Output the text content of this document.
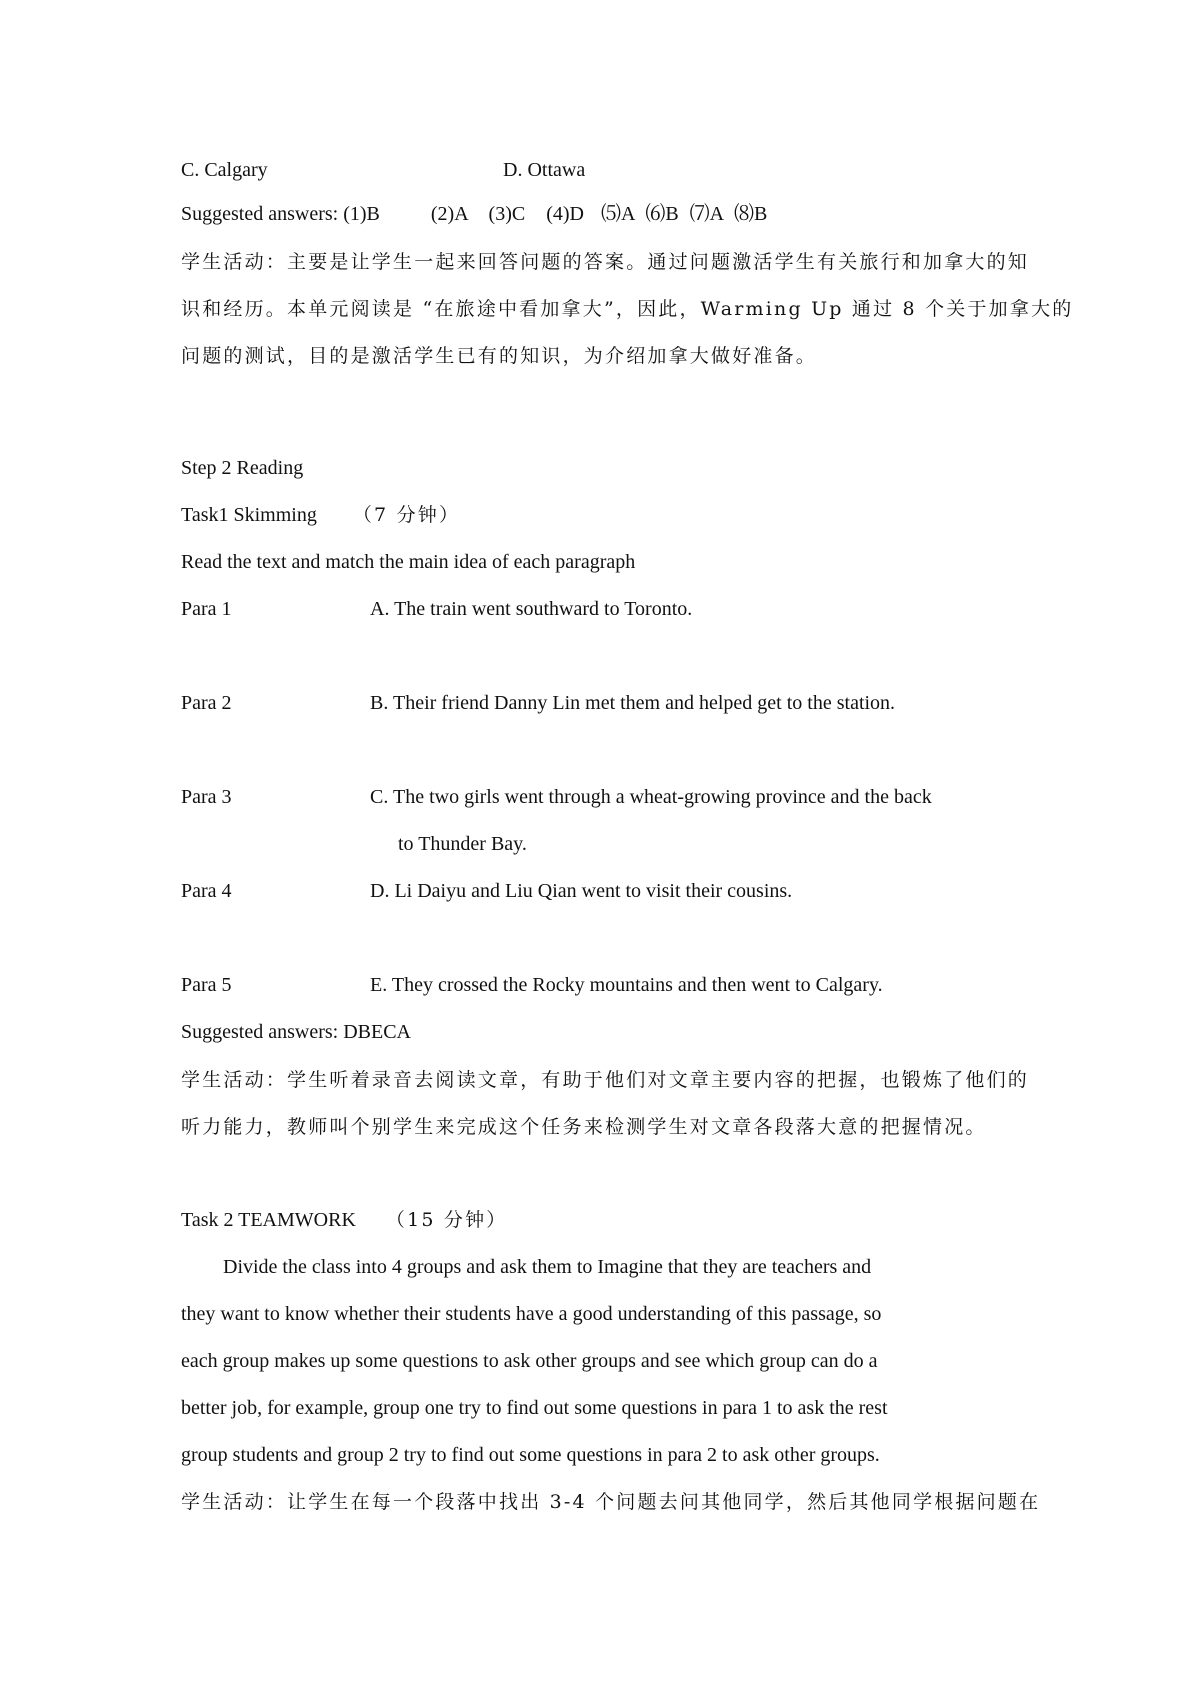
C. Calgary	D. Ottawa
Suggested answers: (1)B	(2)A (3)C (4)D ⑸A ⑹B ⑺A ⑻B
学生活动：主要是让学生一起来回答问题的答案。通过问题激活学生有关旅行和加拿大的知
识和经历。本单元阅读是 “在旅途中看加拿大”，因此，Warming Up 通过 8 个关于加拿大的
问题的测试，目的是激活学生已有的知识，为介绍加拿大做好准备。
Step 2 Reading
Task1 Skimming （7 分钟）
Read the text and match the main idea of each paragraph
Para 1	A. The train went southward to Toronto.
Para 2	B. Their friend Danny Lin met them and helped get to the station.
Para 3	C. The two girls went through a wheat-growing province and the back
to Thunder Bay.
Para 4	D. Li Daiyu and Liu Qian went to visit their cousins.
Para 5	E. They crossed the Rocky mountains and then went to Calgary.
Suggested answers: DBECA
学生活动：学生听着录音去阅读文章，有助于他们对文章主要内容的把握，也锻炼了他们的
听力能力，教师叫个别学生来完成这个任务来检测学生对文章各段落大意的把握情况。
Task 2 TEAMWORK （15 分钟）
Divide the class into 4 groups and ask them to Imagine that they are teachers and
they want to know whether their students have a good understanding of this passage, so
each group makes up some questions to ask other groups and see which group can do a
better job, for example, group one try to find out some questions in para 1 to ask the rest
group students and group 2 try to find out some questions in para 2 to ask other groups.
学生活动：让学生在每一个段落中找出 3-4 个问题去问其他同学，然后其他同学根据问题在
